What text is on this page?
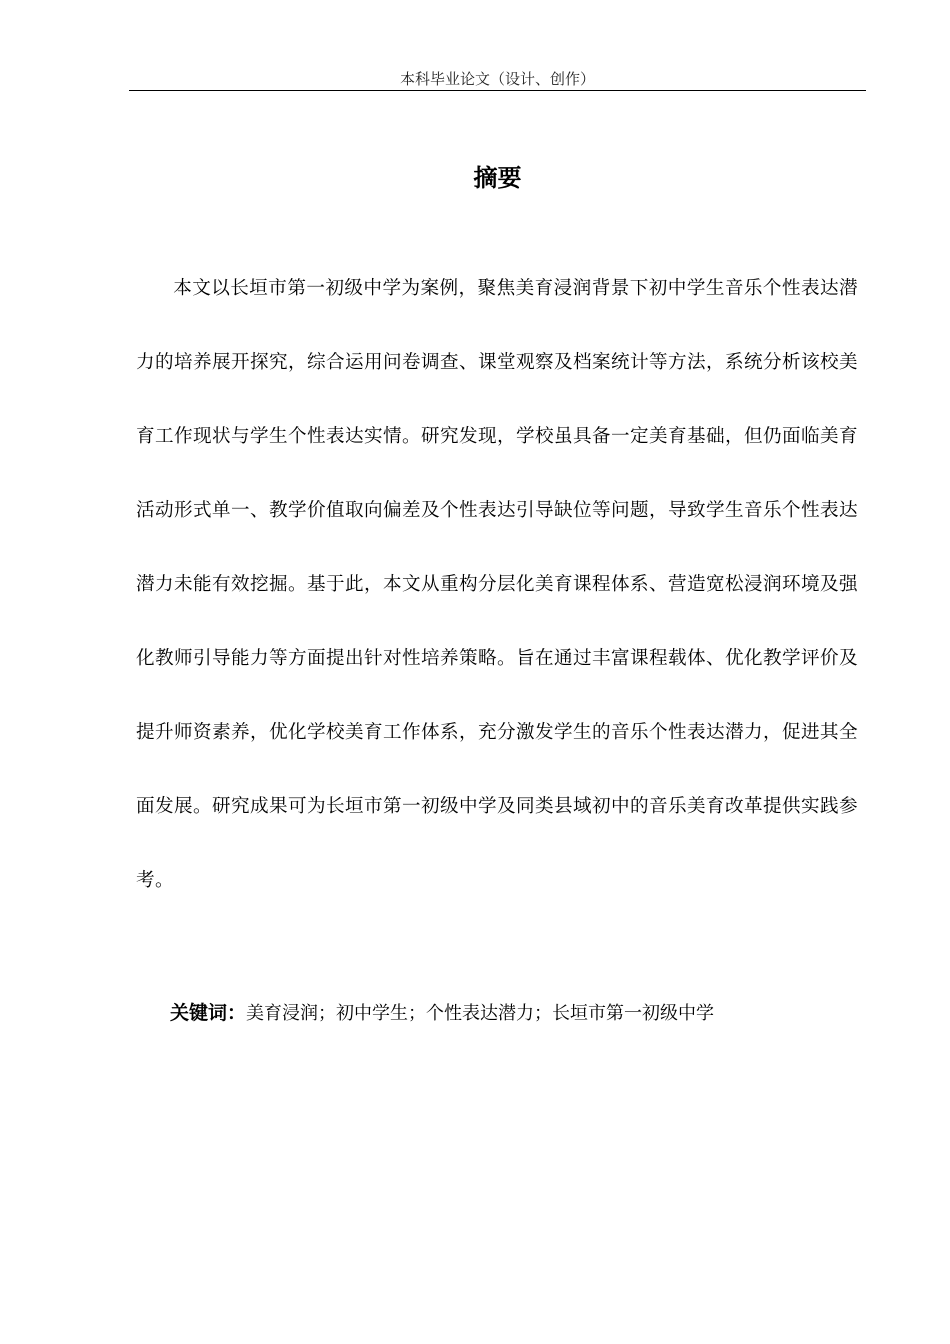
本科毕业论文（设计、创作）
摘要

本文以长垣市第一初级中学为案例，聚焦美育浸润背景下初中学生音乐个性表达潜力的培养展开探究，综合运用问卷调查、课堂观察及档案统计等方法，系统分析该校美育工作现状与学生个性表达实情。研究发现，学校虽具备一定美育基础，但仍面临美育活动形式单一、教学价值取向偏差及个性表达引导缺位等问题，导致学生音乐个性表达潜力未能有效挖掘。基于此，本文从重构分层化美育课程体系、营造宽松浸润环境及强化教师引导能力等方面提出针对性培养策略。旨在通过丰富课程载体、优化教学评价及提升师资素养，优化学校美育工作体系，充分激发学生的音乐个性表达潜力，促进其全面发展。研究成果可为长垣市第一初级中学及同类县域初中的音乐美育改革提供实践参考。

关键词：美育浸润；初中学生；个性表达潜力；长垣市第一初级中学
